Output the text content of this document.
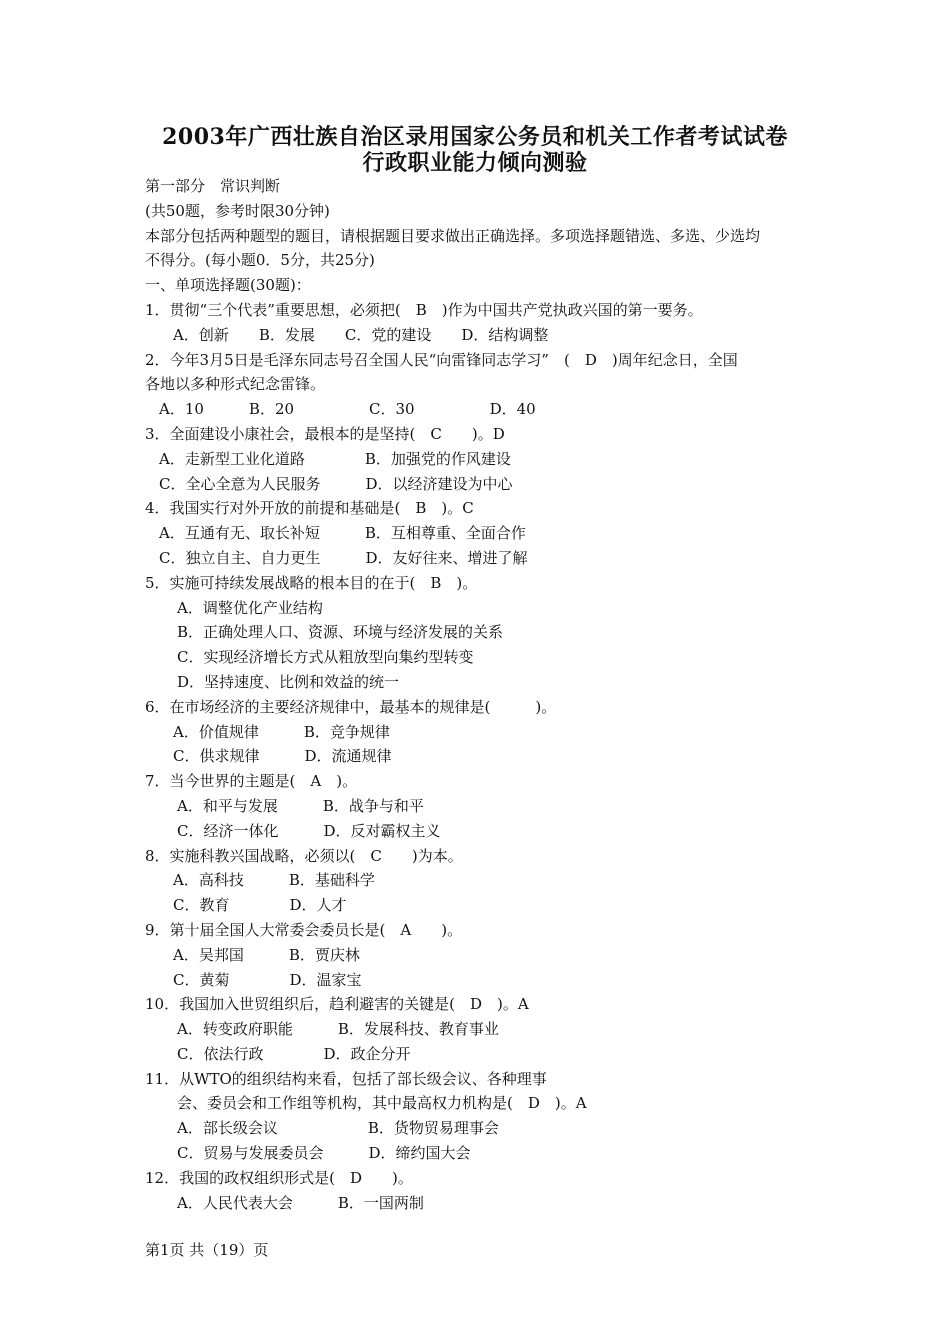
2003年广西壮族自治区录用国家公务员和机关工作者考试试卷
行政职业能力倾向测验
第一部分　常识判断
(共50题，参考时限30分钟)
本部分包括两种题型的题目，请根据题目要求做出正确选择。多项选择题错选、多选、少选均
不得分。(每小题0．5分，共25分)
一、单项选择题(30题)：
1．贯彻“三个代表”重要思想，必须把(　B　)作为中国共产党执政兴国的第一要务。
A．创新　　B．发展　　C．党的建设　　D．结构调整
2．今年3月5日是毛泽东同志号召全国人民“向雷锋同志学习”　(　D　)周年纪念日，全国
各地以多种形式纪念雷锋。
A．10　　　B．20　　　　　C．30　　　　　D．40
3．全面建设小康社会，最根本的是坚持(　C　　)。D
A．走新型工业化道路　　　　B．加强党的作风建设
C．全心全意为人民服务　　　D．以经济建设为中心
4．我国实行对外开放的前提和基础是(　B　)。C
A．互通有无、取长补短　　　B．互相尊重、全面合作
C．独立自主、自力更生　　　D．友好往来、增进了解
5．实施可持续发展战略的根本目的在于(　B　)。
A．调整优化产业结构
B．正确处理人口、资源、环境与经济发展的关系
C．实现经济增长方式从粗放型向集约型转变
D．坚持速度、比例和效益的统一
6．在市场经济的主要经济规律中，最基本的规律是(　　　)。
A．价值规律　　　B．竞争规律
C．供求规律　　　D．流通规律
7．当今世界的主题是(　A　)。
A．和平与发展　　　B．战争与和平
C．经济一体化　　　D．反对霸权主义
8．实施科教兴国战略，必须以(　C　　)为本。
A．高科技　　　B．基础科学
C．教育　　　　D．人才
9．第十届全国人大常委会委员长是(　A　　)。
A．吴邦国　　　B．贾庆林
C．黄菊　　　　D．温家宝
10．我国加入世贸组织后，趋利避害的关键是(　D　)。A
A．转变政府职能　　　B．发展科技、教育事业
C．依法行政　　　　D．政企分开
11．从WTO的组织结构来看，包括了部长级会议、各种理事
会、委员会和工作组等机构，其中最高权力机构是(　D　)。A
A．部长级会议　　　　　　B．货物贸易理事会
C．贸易与发展委员会　　　D．缔约国大会
12．我国的政权组织形式是(　D　　)。
A．人民代表大会　　　B．一国两制
第1页 共（19）页
